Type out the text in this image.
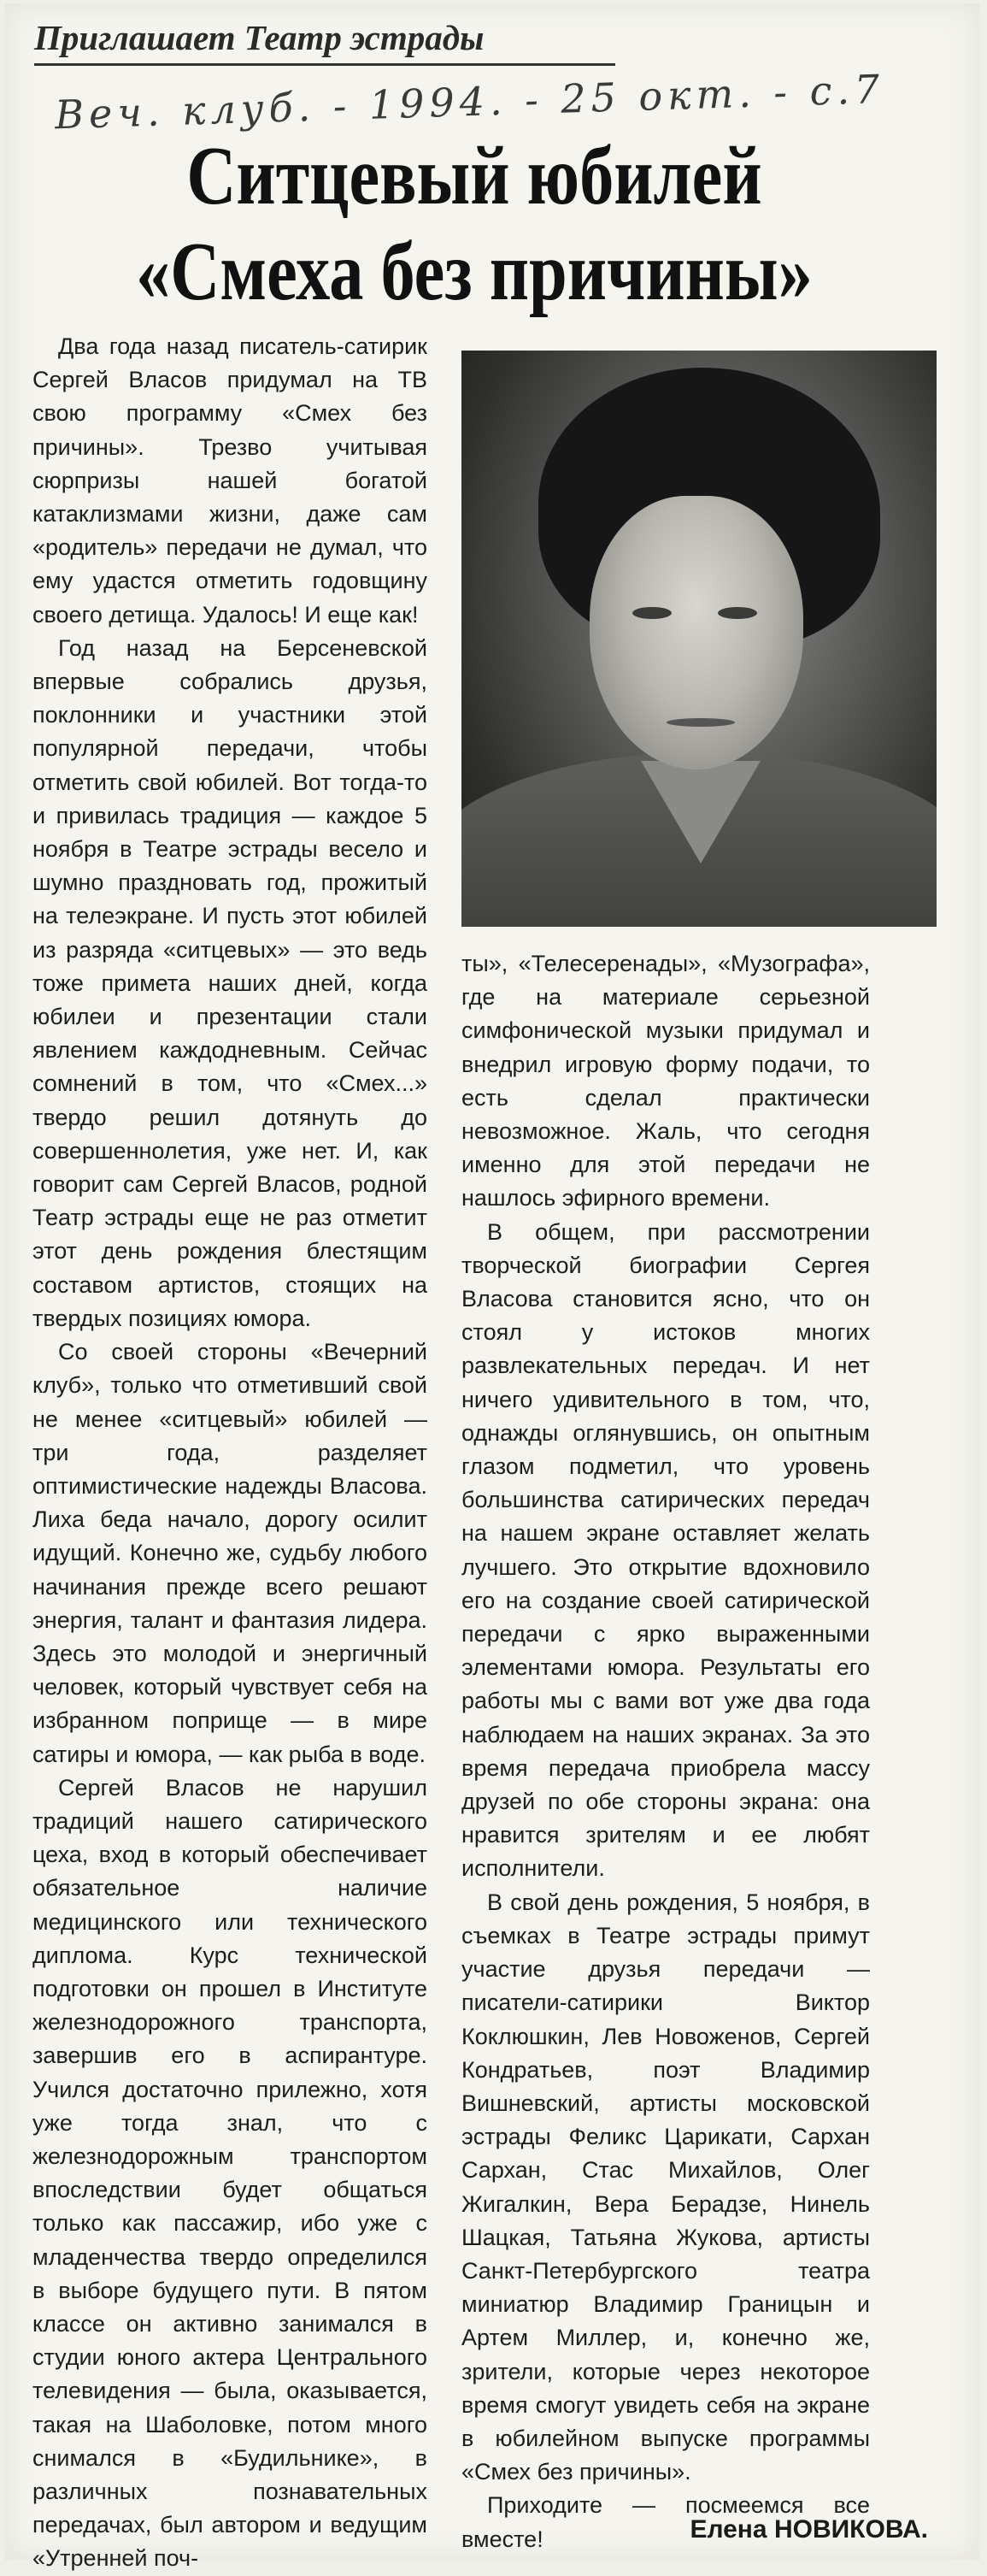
Приглашает Театр эстрады
Веч. клуб. - 1994. - 25 окт. - с.7
Ситцевый юбилей
«Смеха без причины»

Два года назад писатель-сатирик Сергей Власов придумал на ТВ свою программу «Смех без причины». Трезво учитывая сюрпризы нашей богатой катаклизмами жизни, даже сам «родитель» передачи не думал, что ему удастся отметить годовщину своего детища. Удалось! И еще как!

Год назад на Берсеневской впервые собрались друзья, поклонники и участники этой популярной передачи, чтобы отметить свой юбилей. Вот тогда-то и привилась традиция — каждое 5 ноября в Театре эстрады весело и шумно праздновать год, прожитый на телеэкране. И пусть этот юбилей из разряда «ситцевых» — это ведь тоже примета наших дней, когда юбилеи и презентации стали явлением каждодневным. Сейчас сомнений в том, что «Смех...» твердо решил дотянуть до совершеннолетия, уже нет. И, как говорит сам Сергей Власов, родной Театр эстрады еще не раз отметит этот день рождения блестящим составом артистов, стоящих на твердых позициях юмора.

Со своей стороны «Вечерний клуб», только что отметивший свой не менее «ситцевый» юбилей — три года, разделяет оптимистические надежды Власова. Лиха беда начало, дорогу осилит идущий. Конечно же, судьбу любого начинания прежде всего решают энергия, талант и фантазия лидера. Здесь это молодой и энергичный человек, который чувствует себя на избранном поприще — в мире сатиры и юмора, — как рыба в воде.

Сергей Власов не нарушил традиций нашего сатирического цеха, вход в который обеспечивает обязательное наличие медицинского или технического диплома. Курс технической подготовки он прошел в Институте железнодорожного транспорта, завершив его в аспирантуре. Учился достаточно прилежно, хотя уже тогда знал, что с железнодорожным транспортом впоследствии будет общаться только как пассажир, ибо уже с младенчества твердо определился в выборе будущего пути. В пятом классе он активно занимался в студии юного актера Центрального телевидения — была, оказывается, такая на Шаболовке, потом много снимался в «Будильнике», в различных познавательных передачах, был автором и ведущим «Утренней поч-

ты», «Телесеренады», «Музографа», где на материале серьезной симфонической музыки придумал и внедрил игровую форму подачи, то есть сделал практически невозможное. Жаль, что сегодня именно для этой передачи не нашлось эфирного времени.

В общем, при рассмотрении творческой биографии Сергея Власова становится ясно, что он стоял у истоков многих развлекательных передач. И нет ничего удивительного в том, что, однажды оглянувшись, он опытным глазом подметил, что уровень большинства сатирических передач на нашем экране оставляет желать лучшего. Это открытие вдохновило его на создание своей сатирической передачи с ярко выраженными элементами юмора. Результаты его работы мы с вами вот уже два года наблюдаем на наших экранах. За это время передача приобрела массу друзей по обе стороны экрана: она нравится зрителям и ее любят исполнители.

В свой день рождения, 5 ноября, в съемках в Театре эстрады примут участие друзья передачи — писатели-сатирики Виктор Коклюшкин, Лев Новоженов, Сергей Кондратьев, поэт Владимир Вишневский, артисты московской эстрады Феликс Царикати, Сархан Сархан, Стас Михайлов, Олег Жигалкин, Вера Берадзе, Нинель Шацкая, Татьяна Жукова, артисты Санкт-Петербургского театра миниатюр Владимир Границын и Артем Миллер, и, конечно же, зрители, которые через некоторое время смогут увидеть себя на экране в юбилейном выпуске программы «Смех без причины».

Приходите — посмеемся все вместе!	Елена НОВИКОВА.
